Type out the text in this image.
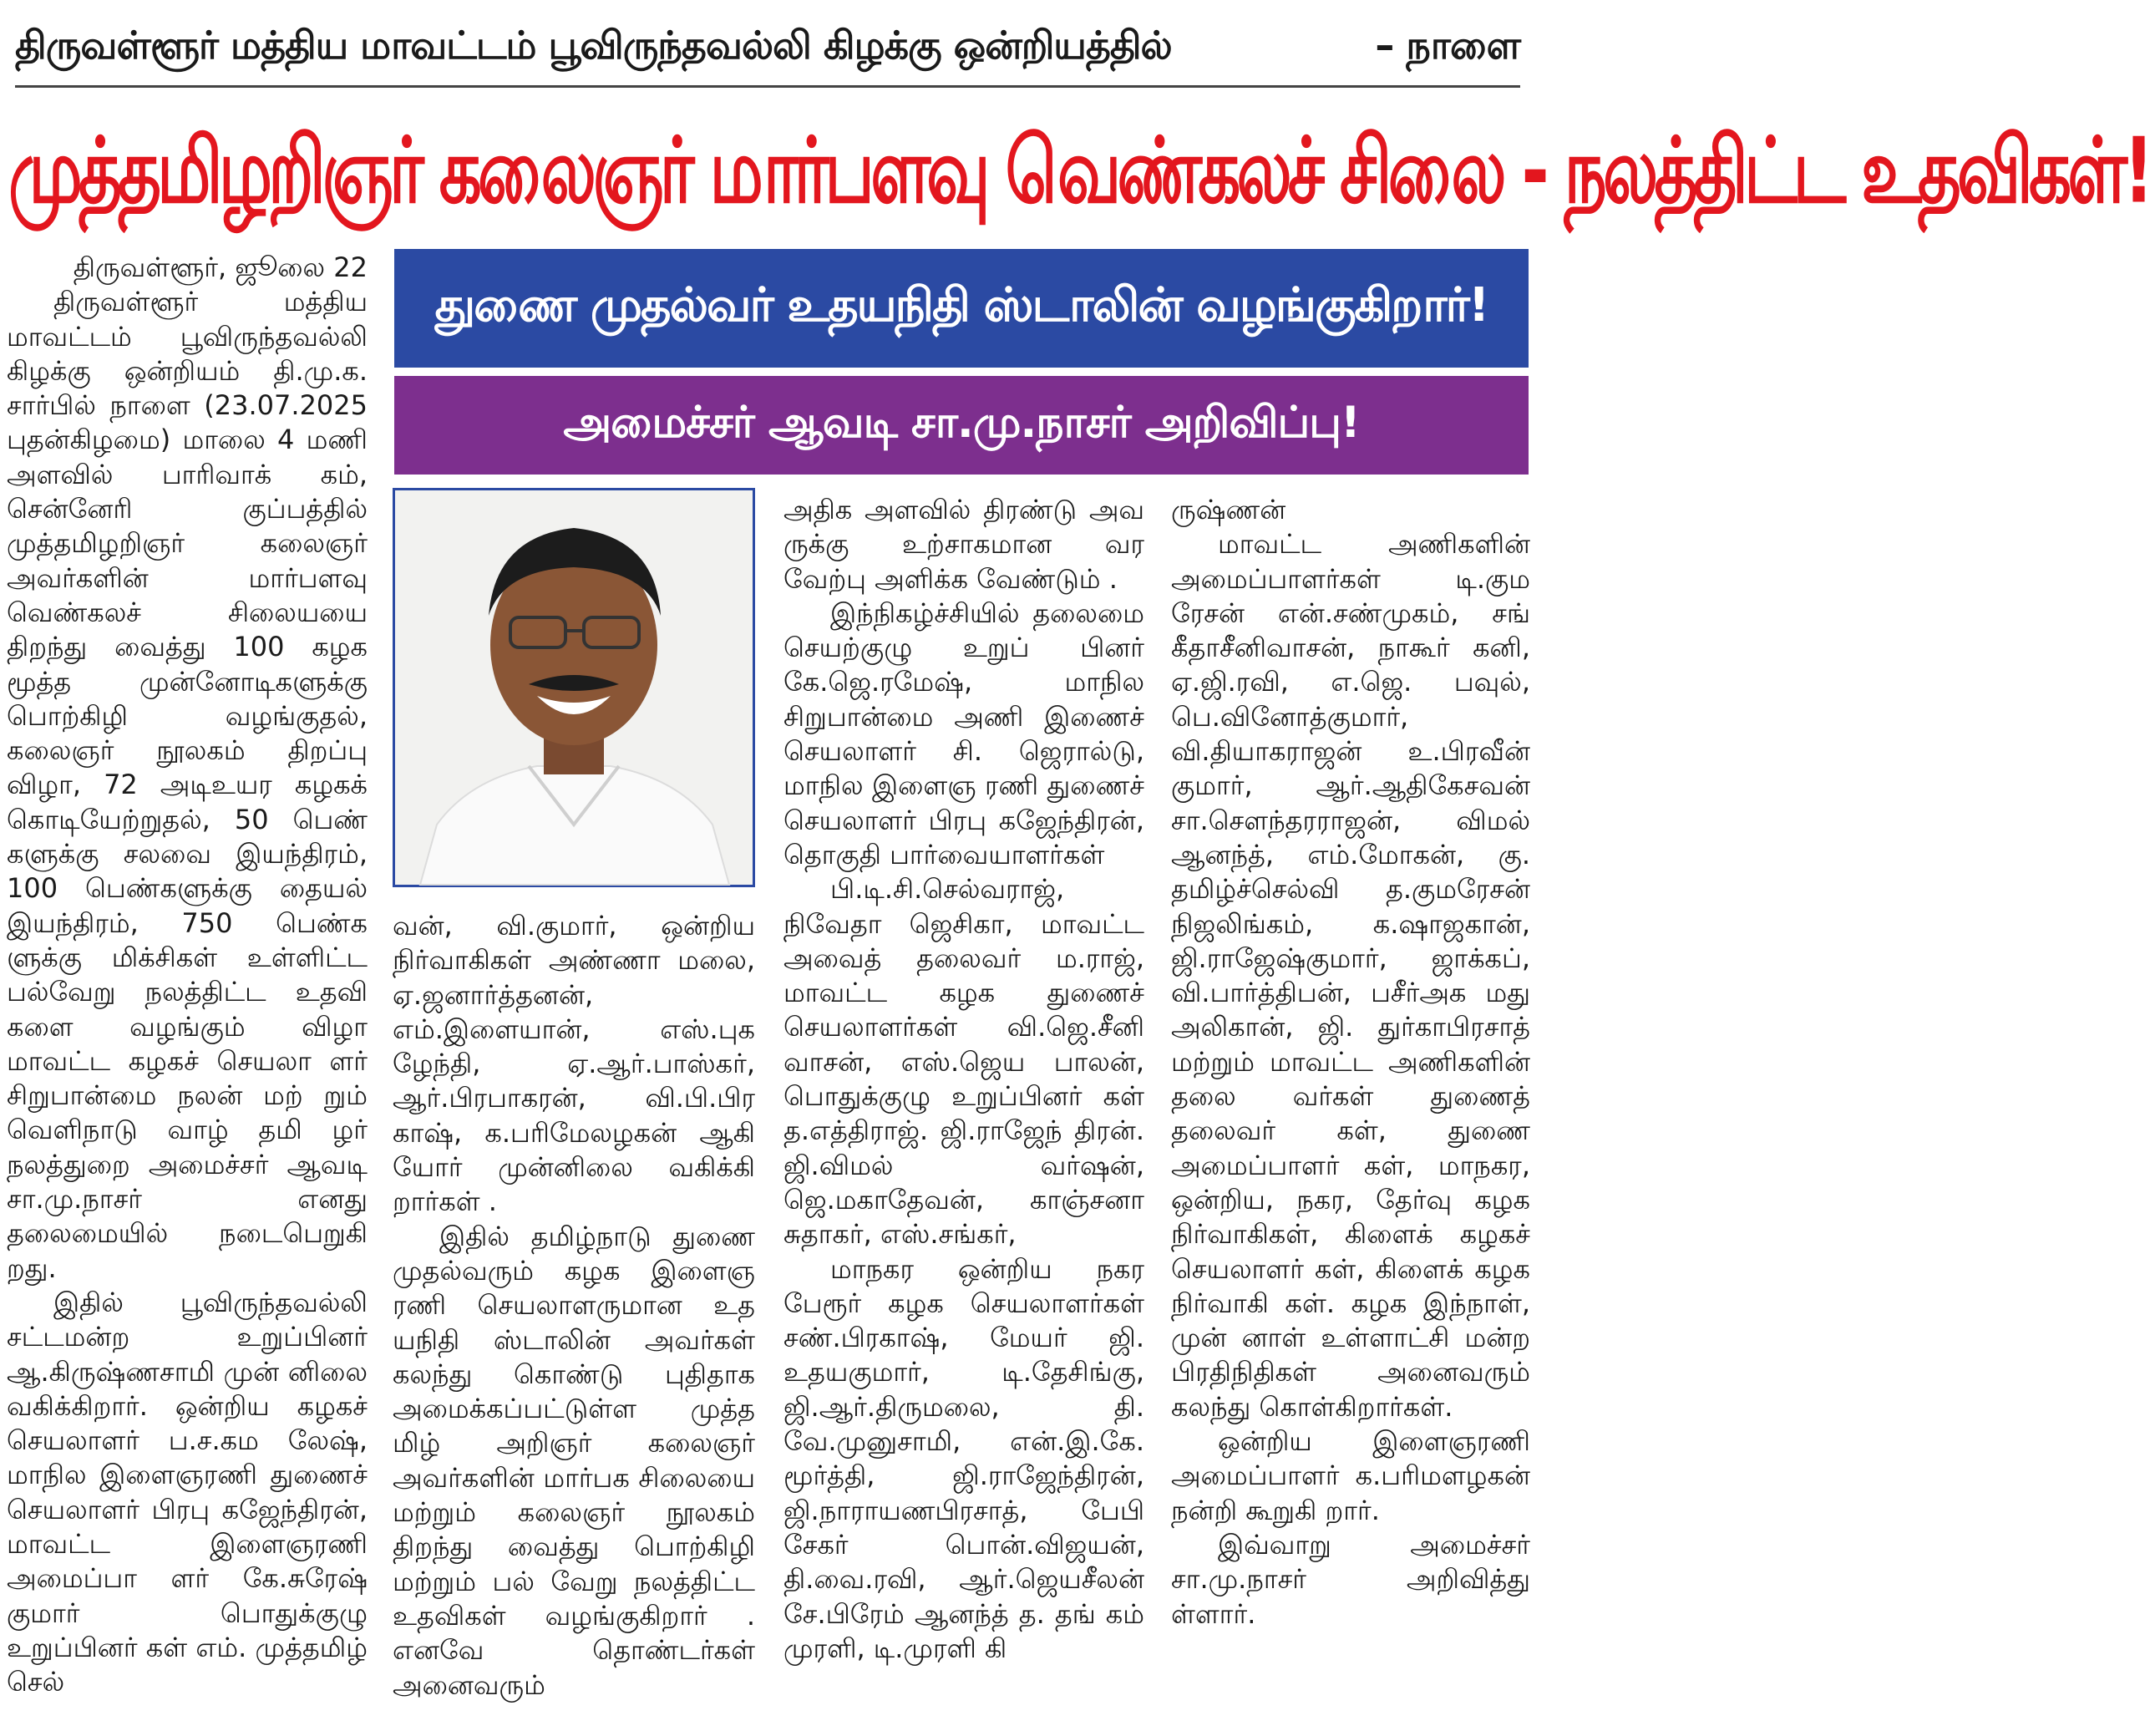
திருவள்ளூர் மத்திய மாவட்டம் பூவிருந்தவல்லி கிழக்கு ஒன்றியத்தில்	– நாளை
முத்தமிழறிஞர் கலைஞர் மார்பளவு வெண்கலச் சிலை - நலத்திட்ட உதவிகள்!
துணை முதல்வர் உதயநிதி ஸ்டாலின் வழங்குகிறார்!
அமைச்சர் ஆவடி சா.மு.நாசர் அறிவிப்பு!

திருவள்ளூர், ஜூலை 22

திருவள்ளூர் மத்திய மாவட்டம் பூவிருந்தவல்லி கிழக்கு ஒன்றியம் தி.மு.க. சார்பில் நாளை (23.07.2025 புதன்கிழமை) மாலை 4 மணி அளவில் பாரிவாக் கம், சென்னேரி குப்பத்தில் முத்தமிழறிஞர் கலைஞர் அவர்களின் மார்பளவு வெண்கலச் சிலையயை திறந்து வைத்து 100 கழக மூத்த முன்னோடிகளுக்கு பொற்கிழி வழங்குதல், கலைஞர் நூலகம் திறப்பு விழா, 72 அடிஉயர கழகக் கொடியேற்றுதல், 50 பெண் களுக்கு சலவை இயந்திரம், 100 பெண்களுக்கு தையல் இயந்திரம், 750 பெண்க ளுக்கு மிக்சிகள் உள்ளிட்ட பல்வேறு நலத்திட்ட உதவி களை வழங்கும் விழா மாவட்ட கழகச் செயலா ளர் சிறுபான்மை நலன் மற் றும் வெளிநாடு வாழ் தமி ழர் நலத்துறை அமைச்சர் ஆவடி சா.மு.நாசர் எனது தலைமையில் நடைபெறுகி றது.

இதில் பூவிருந்தவல்லி சட்டமன்ற உறுப்பினர் ஆ.கிருஷ்ணசாமி முன் னிலை வகிக்கிறார். ஒன்றிய கழகச் செயலாளர் ப.ச.கம லேஷ், மாநில இளைஞரணி துணைச் செயலாளர் பிரபு கஜேந்திரன், மாவட்ட இளைஞரணி அமைப்பா ளர் கே.சுரேஷ் குமார் பொதுக்குழு உறுப்பினர் கள் எம். முத்தமிழ் செல்

வன், வி.குமார், ஒன்றிய நிர்வாகிகள் அண்ணா மலை, ஏ.ஜனார்த்தனன், எம்.இளையான், எஸ்.புக ழேந்தி, ஏ.ஆர்.பாஸ்கர், ஆர்.பிரபாகரன், வி.பி.பிர காஷ், க.பரிமேலழகன் ஆகி யோர் முன்னிலை வகிக்கி றார்கள் .

இதில் தமிழ்நாடு துணை முதல்வரும் கழக இளைஞ ரணி செயலாளருமான உத யநிதி ஸ்டாலின் அவர்கள் கலந்து கொண்டு புதிதாக அமைக்கப்பட்டுள்ள முத்த மிழ் அறிஞர் கலைஞர் அவர்களின் மார்பக சிலையை மற்றும் கலைஞர் நூலகம் திறந்து வைத்து பொற்கிழி மற்றும் பல் வேறு நலத்திட்ட உதவிகள் வழங்குகிறார் . எனவே தொண்டர்கள் அனைவரும்

அதிக அளவில் திரண்டு அவ ருக்கு உற்சாகமான வர வேற்பு அளிக்க வேண்டும் .

இந்நிகழ்ச்சியில் தலைமை செயற்குழு உறுப் பினர் கே.ஜெ.ரமேஷ், மாநில சிறுபான்மை அணி இணைச் செயலாளர் சி. ஜெரால்டு, மாநில இளைஞ ரணி துணைச் செயலாளர் பிரபு கஜேந்திரன், தொகுதி பார்வையாளர்கள்

பி.டி.சி.செல்வராஜ், நிவேதா ஜெசிகா, மாவட்ட அவைத் தலைவர் ம.ராஜ், மாவட்ட கழக துணைச் செயலாளர்கள் வி.ஜெ.சீனி வாசன், எஸ்.ஜெய பாலன், பொதுக்குழு உறுப்பினர் கள் த.எத்திராஜ். ஜி.ராஜேந் திரன். ஜி.விமல் வர்ஷன், ஜெ.மகாதேவன், காஞ்சனா சுதாகர், எஸ்.சங்கர்,

மாநகர ஒன்றிய நகர பேரூர் கழக செயலாளர்கள் சண்.பிரகாஷ், மேயர் ஜி. உதயகுமார், டி.தேசிங்கு, ஜி.ஆர்.திருமலை, தி. வே.முனுசாமி, என்.இ.கே. மூர்த்தி, ஜி.ராஜேந்திரன், ஜி.நாராயணபிரசாத், பேபி சேகர் பொன்.விஜயன், தி.வை.ரவி, ஆர்.ஜெயசீலன் சே.பிரேம் ஆனந்த் த. தங் கம் முரளி, டி.முரளி கி

ருஷ்ணன்

மாவட்ட அணிகளின் அமைப்பாளர்கள் டி.கும ரேசன் என்.சண்முகம், சங் கீதாசீனிவாசன், நாகூர் கனி, ஏ.ஜி.ரவி, எ.ஜெ. பவுல், பெ.வினோத்குமார், வி.தியாகராஜன் உ.பிரவீன் குமார், ஆர்.ஆதிகேசவன் சா.சௌந்தரராஜன், விமல் ஆனந்த், எம்.மோகன், கு. தமிழ்ச்செல்வி த.குமரேசன் நிஜலிங்கம், க.ஷாஜகான், ஜி.ராஜேஷ்குமார், ஜாக்கப், வி.பார்த்திபன், பசீர்அக மது அலிகான், ஜி. துர்காபிரசாத் மற்றும் மாவட்ட அணிகளின் தலை வர்கள் துணைத் தலைவர் கள், துணை அமைப்பாளர் கள், மாநகர, ஒன்றிய, நகர, தேர்வு கழக நிர்வாகிகள், கிளைக் கழகச் செயலாளர் கள், கிளைக் கழக நிர்வாகி கள். கழக இந்நாள், முன் னாள் உள்ளாட்சி மன்ற பிரதிநிதிகள் அனைவரும் கலந்து கொள்கிறார்கள்.

ஒன்றிய இளைஞரணி அமைப்பாளர் க.பரிமளழகன் நன்றி கூறுகி றார்.

இவ்வாறு அமைச்சர் சா.மு.நாசர் அறிவித்து ள்ளார்.
